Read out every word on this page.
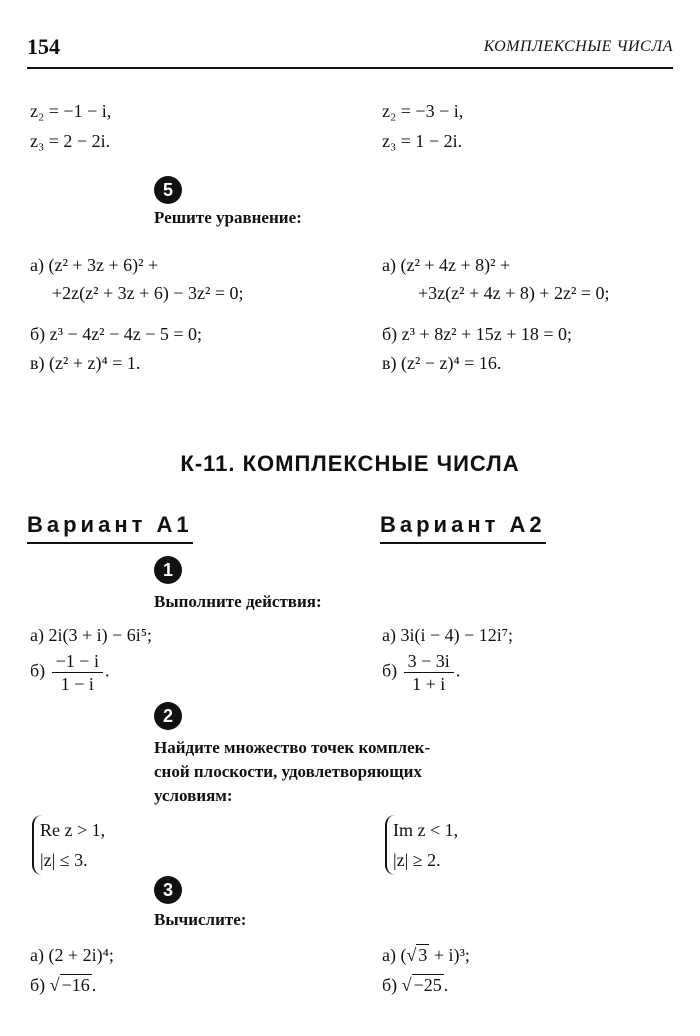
154	КОМПЛЕКСНЫЕ ЧИСЛА
z₂ = −1 − i,
z₃ = 2 − 2i.
z₂ = −3 − i,
z₃ = 1 − 2i.
5
Решите уравнение:
а) (z² + 3z + 6)² +
+2z(z² + 3z + 6) − 3z² = 0;
б) z³ − 4z² − 4z − 5 = 0;
в) (z² + z)⁴ = 1.
а) (z² + 4z + 8)² +
+3z(z² + 4z + 8) + 2z² = 0;
б) z³ + 8z² + 15z + 18 = 0;
в) (z² − z)⁴ = 16.
К-11. КОМПЛЕКСНЫЕ ЧИСЛА
Вариант А1	Вариант А2
1
Выполните действия:
а) 2i(3 + i) − 6i⁵;
$б) \frac{-1 - i}{1 - i}$ .
а) 3i(i − 4) − 12i⁷;
$б) \frac{3 - 3i}{1 + i}$ .
2
Найдите множество точек комплек-
сной плоскости, удовлетворяющих
условиям:
Re z > 1,
|z| ≤ 3.
Im z < 1,
|z| ≥ 2.
3
Вычислите:
а) (2 + 2i)⁴;
б) √ −16 .
а) (√ 3 + i)³;
б) √ −25 .
